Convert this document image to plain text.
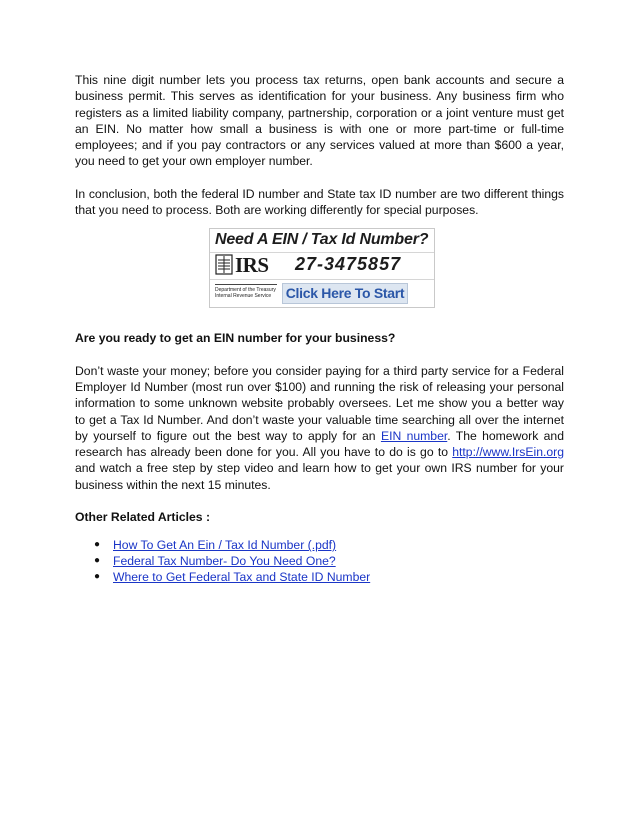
This nine digit number lets you process tax returns, open bank accounts and secure a business permit. This serves as identification for your business. Any business firm who registers as a limited liability company, partnership, corporation or a joint venture must get an EIN. No matter how small a business is with one or more part-time or full-time employees; and if you pay contractors or any services valued at more than $600 a year, you need to get your own employer number.

In conclusion, both the federal ID number and State tax ID number are two different things that you need to process. Both are working differently for special purposes.

Need A EIN / Tax Id Number?
IRS 27-3475857
Department of the Treasury Internal Revenue Service	Click Here To Start

Are you ready to get an EIN number for your business?

Don’t waste your money; before you consider paying for a third party service for a Federal Employer Id Number (most run over $100) and running the risk of releasing your personal information to some unknown website probably oversees. Let me show you a better way to get a Tax Id Number. And don’t waste your valuable time searching all over the internet by yourself to figure out the best way to apply for an EIN number. The homework and research has already been done for you. All you have to do is go to http://www.IrsEin.org and watch a free step by step video and learn how to get your own IRS number for your business within the next 15 minutes.

Other Related Articles :

● How To Get An Ein / Tax Id Number (.pdf)
● Federal Tax Number- Do You Need One?
● Where to Get Federal Tax and State ID Number
